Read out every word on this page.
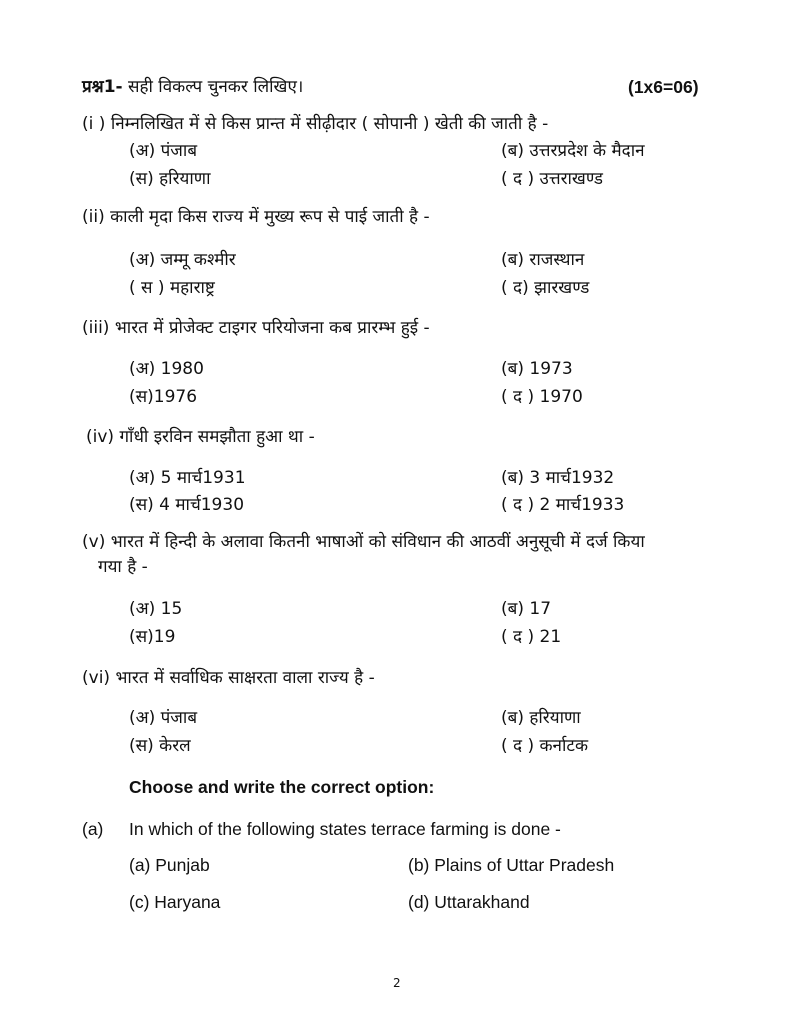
प्रश्न1- सही विकल्प चुनकर लिखिए।	(1x6=06)
(i ) निम्नलिखित में से किस प्रान्त में सीढ़ीदार ( सोपानी ) खेती की जाती है -
(अ) पंजाब	(ब) उत्तरप्रदेश के मैदान
(स) हरियाणा	( द ) उत्तराखण्ड
(ii) काली मृदा किस राज्य में मुख्य रूप से पाई जाती है -
(अ) जम्मू कश्मीर	(ब) राजस्थान
( स ) महाराष्ट्र	( द) झारखण्ड
(iii) भारत में प्रोजेक्ट टाइगर परियोजना कब प्रारम्भ हुई -
(अ) 1980	(ब) 1973
(स)1976	( द ) 1970
(iv) गाँधी इरविन समझौता हुआ था -
(अ) 5 मार्च1931	(ब) 3 मार्च1932
(स) 4 मार्च1930	( द ) 2 मार्च1933
(v) भारत में हिन्दी के अलावा कितनी भाषाओं को संविधान की आठवीं अनुसूची में दर्ज किया
गया है -
(अ) 15	(ब) 17
(स)19	( द ) 21
(vi) भारत में सर्वाधिक साक्षरता वाला राज्य है -
(अ) पंजाब	(ब) हरियाणा
(स) केरल	( द ) कर्नाटक
Choose and write the correct option:
(a) In which of the following states terrace farming is done -
(a) Punjab	(b) Plains of Uttar Pradesh
(c) Haryana	(d) Uttarakhand
2
